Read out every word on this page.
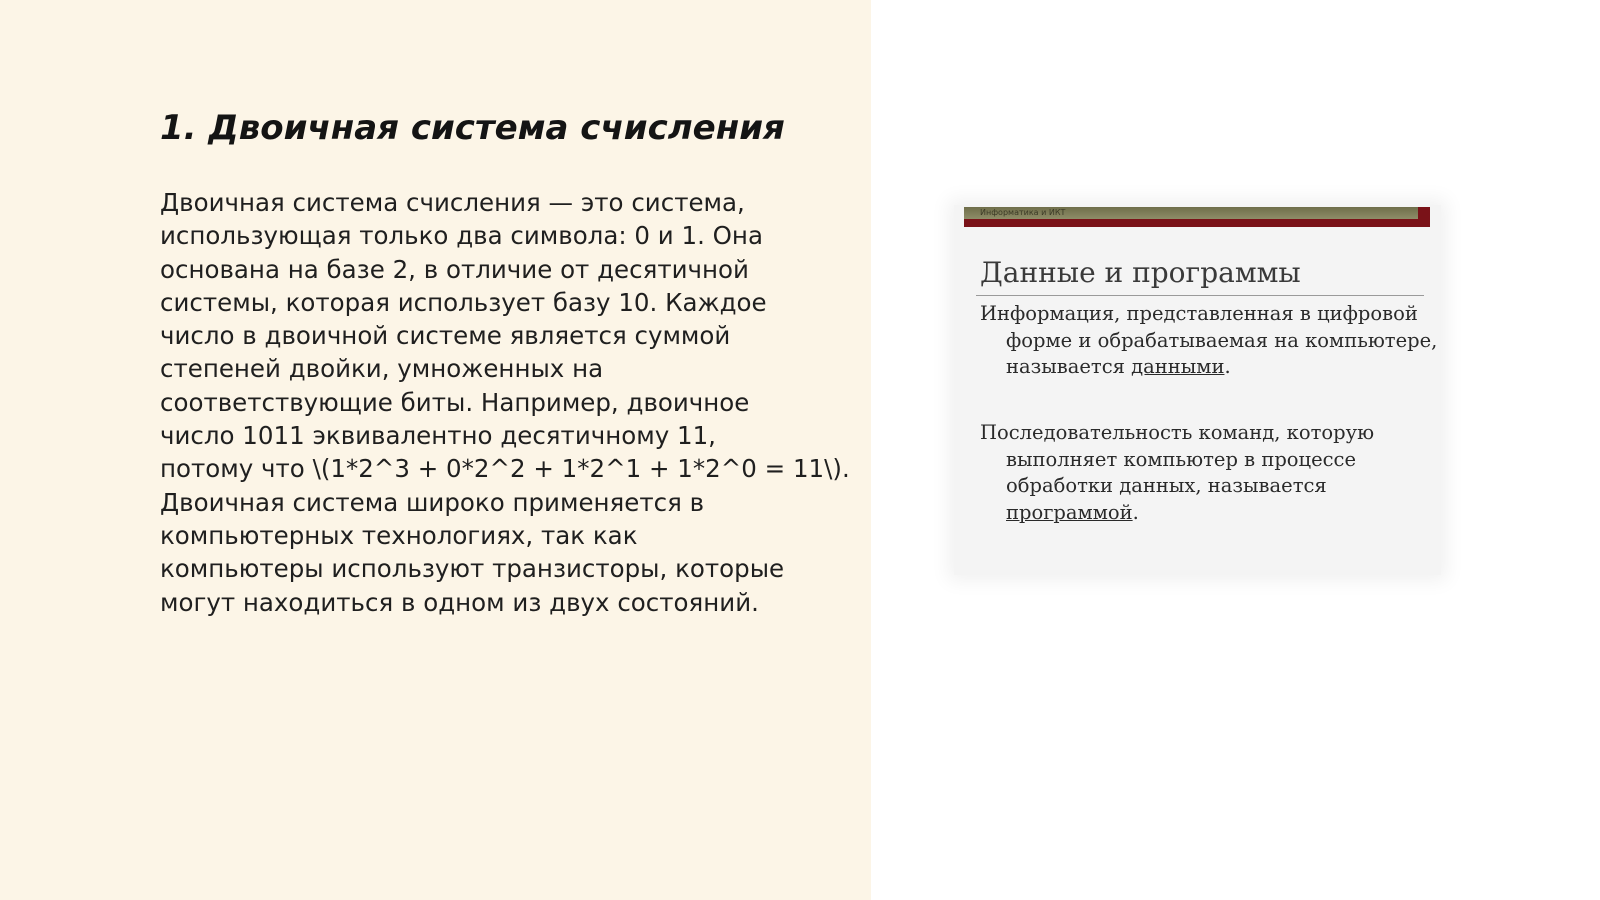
1. Двоичная система счисления
Двоичная система счисления — это система,
использующая только два символа: 0 и 1. Она
основана на базе 2, в отличие от десятичной
системы, которая использует базу 10. Каждое
число в двоичной системе является суммой
степеней двойки, умноженных на
соответствующие биты. Например, двоичное
число 1011 эквивалентно десятичному 11,
потому что \(1*2^3 + 0*2^2 + 1*2^1 + 1*2^0 = 11\).
Двоичная система широко применяется в
компьютерных технологиях, так как
компьютеры используют транзисторы, которые
могут находиться в одном из двух состояний.
Информатика и ИКТ
Данные и программы

Информация, представленная в цифровой
форме и обрабатываемая на компьютере,
называется данными.

Последовательность команд, которую
выполняет компьютер в процессе
обработки данных, называется
программой.
